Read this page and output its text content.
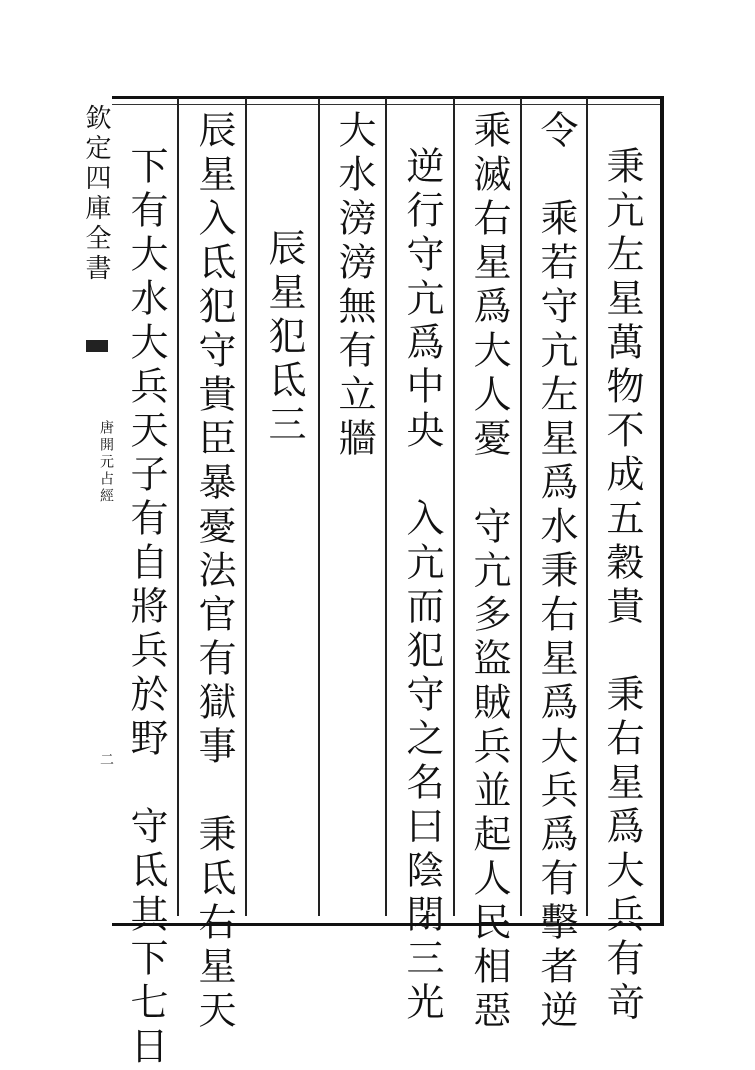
欽定四庫全書
唐開元占經
二	秉亢左星萬物不成五穀貴　秉右星爲大兵有竒
令　乘若守亢左星爲水秉右星爲大兵爲有擊者逆
乘滅右星爲大人憂　守亢多盜賊兵並起人民相惡
逆行守亢爲中央　入亢而犯守之名曰陰閉三光
大水滂滂無有立牆
辰星犯氐三
辰星入氐犯守貴臣暴憂法官有獄事　秉氐右星天
下有大水大兵天子有自將兵於野　守氐其下七日
